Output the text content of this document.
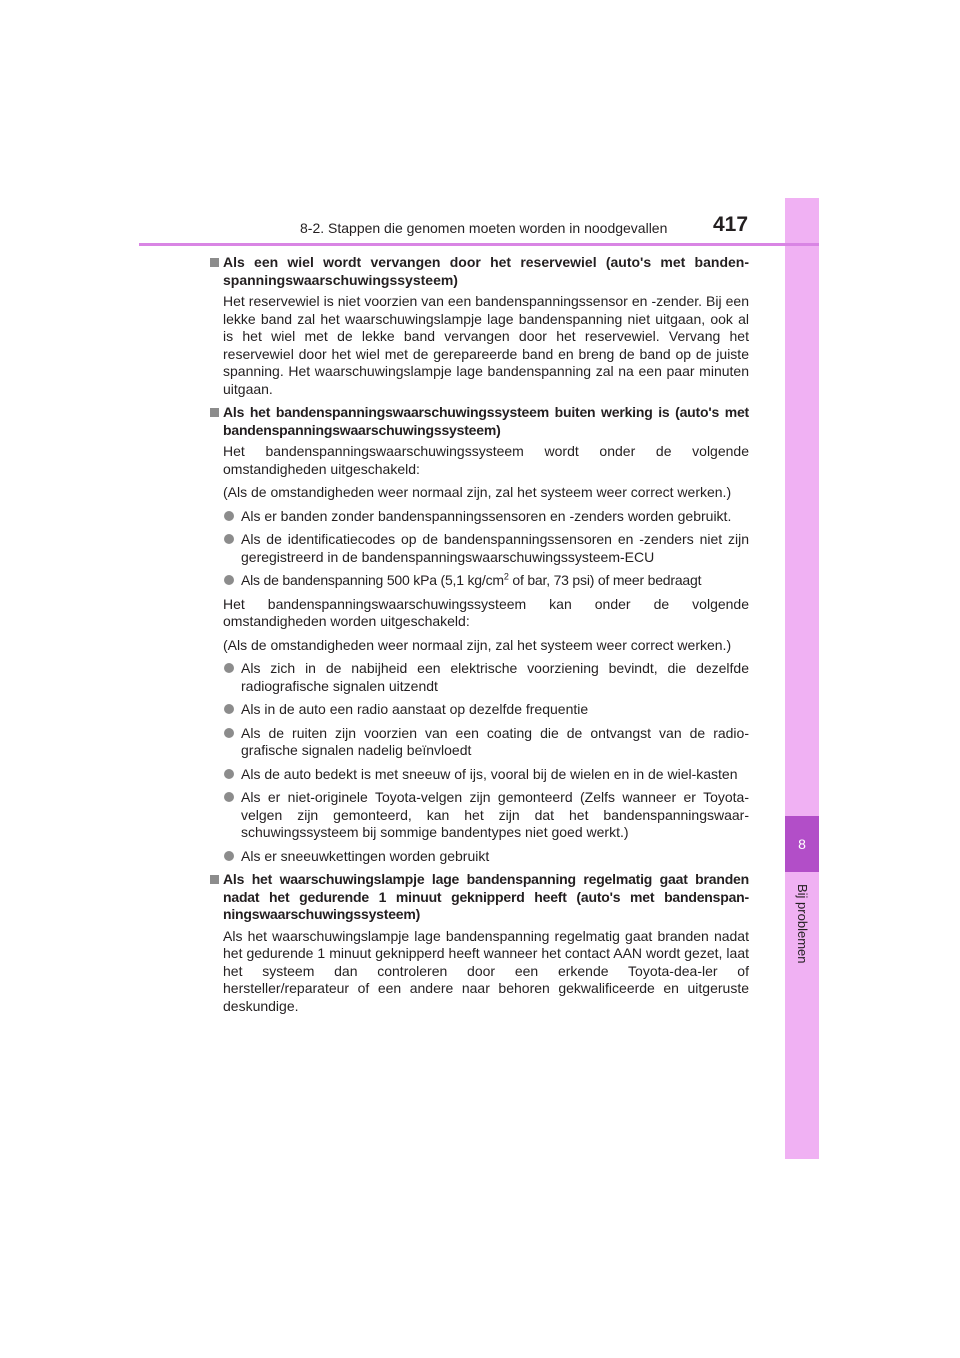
8
Bij problemen
8-2. Stappen die genomen moeten worden in noodgevallen 417
Als een wiel wordt vervangen door het reservewiel (auto's met banden-spanningswaarschuwingssysteem)
Het reservewiel is niet voorzien van een bandenspanningssensor en -zender. Bij een lekke band zal het waarschuwingslampje lage bandenspanning niet uitgaan, ook al is het wiel met de lekke band vervangen door het reservewiel. Vervang het reservewiel door het wiel met de gerepareerde band en breng de band op de juiste spanning. Het waarschuwingslampje lage bandenspanning zal na een paar minuten uitgaan.
Als het bandenspanningswaarschuwingssysteem buiten werking is (auto's met bandenspanningswaarschuwingssysteem)
Het bandenspanningswaarschuwingssysteem wordt onder de volgende omstandigheden uitgeschakeld:
(Als de omstandigheden weer normaal zijn, zal het systeem weer correct werken.)
Als er banden zonder bandenspanningssensoren en -zenders worden gebruikt.
Als de identificatiecodes op de bandenspanningssensoren en -zenders niet zijn geregistreerd in de bandenspanningswaarschuwingssysteem-ECU
Als de bandenspanning 500 kPa (5,1 $kg/cm^2$ of bar, 73 psi) of meer bedraagt
Het bandenspanningswaarschuwingssysteem kan onder de volgende omstandigheden worden uitgeschakeld:
(Als de omstandigheden weer normaal zijn, zal het systeem weer correct werken.)
Als zich in de nabijheid een elektrische voorziening bevindt, die dezelfde radiografische signalen uitzendt
Als in de auto een radio aanstaat op dezelfde frequentie
Als de ruiten zijn voorzien van een coating die de ontvangst van de radio-grafische signalen nadelig beïnvloedt
Als de auto bedekt is met sneeuw of ijs, vooral bij de wielen en in de wiel-kasten
Als er niet-originele Toyota-velgen zijn gemonteerd (Zelfs wanneer er Toyota-velgen zijn gemonteerd, kan het zijn dat het bandenspanningswaar-schuwingssysteem bij sommige bandentypes niet goed werkt.)
Als er sneeuwkettingen worden gebruikt
Als het waarschuwingslampje lage bandenspanning regelmatig gaat branden nadat het gedurende 1 minuut geknipperd heeft (auto's met bandenspan-ningswaarschuwingssysteem)
Als het waarschuwingslampje lage bandenspanning regelmatig gaat branden nadat het gedurende 1 minuut geknipperd heeft wanneer het contact AAN wordt gezet, laat het systeem dan controleren door een erkende Toyota-dea-ler of hersteller/reparateur of een andere naar behoren gekwalificeerde en uitgeruste deskundige.
